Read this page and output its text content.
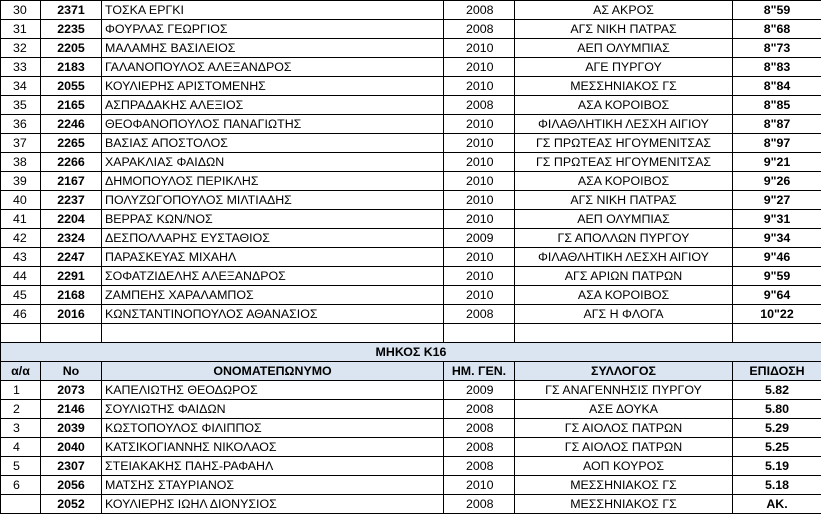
30	2371	ΤΟΣΚΑ ΕΡΓΚΙ	2008	ΑΣ ΑΚΡΟΣ	8"59
31	2235	ΦΟΥΡΛΑΣ ΓΕΩΡΓΙΟΣ	2008	ΑΓΣ ΝΙΚΗ ΠΑΤΡΑΣ	8"68
32	2205	ΜΑΛΑΜΗΣ ΒΑΣΙΛΕΙΟΣ	2010	ΑΕΠ ΟΛΥΜΠΙΑΣ	8"73
33	2183	ΓΑΛΑΝΟΠΟΥΛΟΣ ΑΛΕΞΑΝΔΡΟΣ	2010	ΑΓΕ ΠΥΡΓΟΥ	8"83
34	2055	ΚΟΥΛΙΕΡΗΣ ΑΡΙΣΤΟΜΕΝΗΣ	2010	ΜΕΣΣΗΝΙΑΚΟΣ ΓΣ	8"84
35	2165	ΑΣΠΡΑΔΑΚΗΣ ΑΛΕΞΙΟΣ	2008	ΑΣΑ ΚΟΡΟΙΒΟΣ	8"85
36	2246	ΘΕΟΦΑΝΟΠΟΥΛΟΣ ΠΑΝΑΓΙΩΤΗΣ	2010	ΦΙΛΑΘΛΗΤΙΚΗ ΛΕΣΧΗ ΑΙΓΙΟΥ	8"87
37	2265	ΒΑΣΙΑΣ ΑΠΟΣΤΟΛΟΣ	2010	ΓΣ ΠΡΩΤΕΑΣ ΗΓΟΥΜΕΝΙΤΣΑΣ	8"97
38	2266	ΧΑΡΑΚΛΙΑΣ ΦΑΙΔΩΝ	2010	ΓΣ ΠΡΩΤΕΑΣ ΗΓΟΥΜΕΝΙΤΣΑΣ	9"21
39	2167	ΔΗΜΟΠΟΥΛΟΣ ΠΕΡΙΚΛΗΣ	2010	ΑΣΑ ΚΟΡΟΙΒΟΣ	9"26
40	2237	ΠΟΛΥΖΩΓΟΠΟΥΛΟΣ ΜΙΛΤΙΑΔΗΣ	2010	ΑΓΣ ΝΙΚΗ ΠΑΤΡΑΣ	9"27
41	2204	ΒΕΡΡΑΣ ΚΩΝ/ΝΟΣ	2010	ΑΕΠ ΟΛΥΜΠΙΑΣ	9"31
42	2324	ΔΕΣΠΟΛΛΑΡΗΣ ΕΥΣΤΑΘΙΟΣ	2009	ΓΣ ΑΠΟΛΛΩΝ ΠΥΡΓΟΥ	9"34
43	2247	ΠΑΡΑΣΚΕΥΑΣ ΜΙΧΑΗΛ	2010	ΦΙΛΑΘΛΗΤΙΚΗ ΛΕΣΧΗ ΑΙΓΙΟΥ	9"46
44	2291	ΣΟΦΑΤΖΙΔΕΛΗΣ ΑΛΕΞΑΝΔΡΟΣ	2010	ΑΓΣ ΑΡΙΩΝ ΠΑΤΡΩΝ	9"59
45	2168	ΖΑΜΠΕΗΣ ΧΑΡΑΛΑΜΠΟΣ	2010	ΑΣΑ ΚΟΡΟΙΒΟΣ	9"64
46	2016	ΚΩΝΣΤΑΝΤΙΝΟΠΟΥΛΟΣ ΑΘΑΝΑΣΙΟΣ	2008	ΑΓΣ Η ΦΛΟΓΑ	10"22

ΜΗΚΟΣ Κ16					
α/α	Νο	ΟΝΟΜΑΤΕΠΩΝΥΜΟ	ΗΜ. ΓΕΝ.	ΣΥΛΛΟΓΟΣ	ΕΠΙΔΟΣΗ
1	2073	ΚΑΠΕΛΙΩΤΗΣ ΘΕΟΔΩΡΟΣ	2009	ΓΣ ΑΝΑΓΕΝΝΗΣΙΣ ΠΥΡΓΟΥ	5.82
2	2146	ΣΟΥΛΙΩΤΗΣ ΦΑΙΔΩΝ	2008	ΑΣΕ ΔΟΥΚΑ	5.80
3	2039	ΚΩΣΤΟΠΟΥΛΟΣ ΦΙΛΙΠΠΟΣ	2008	ΓΣ ΑΙΟΛΟΣ ΠΑΤΡΩΝ	5.29
4	2040	ΚΑΤΣΙΚΟΓΙΑΝΝΗΣ ΝΙΚΟΛΑΟΣ	2008	ΓΣ ΑΙΟΛΟΣ ΠΑΤΡΩΝ	5.25
5	2307	ΣΤΕΙΑΚΑΚΗΣ ΠΑΗΣ-ΡΑΦΑΗΛ	2008	ΑΟΠ ΚΟΥΡΟΣ	5.19
6	2056	ΜΑΤΣΗΣ ΣΤΑΥΡΙΑΝΟΣ	2010	ΜΕΣΣΗΝΙΑΚΟΣ ΓΣ	5.18
	2052	ΚΟΥΛΙΕΡΗΣ ΙΩΗΛ ΔΙΟΝΥΣΙΟΣ	2008	ΜΕΣΣΗΝΙΑΚΟΣ ΓΣ	ΑΚ.
